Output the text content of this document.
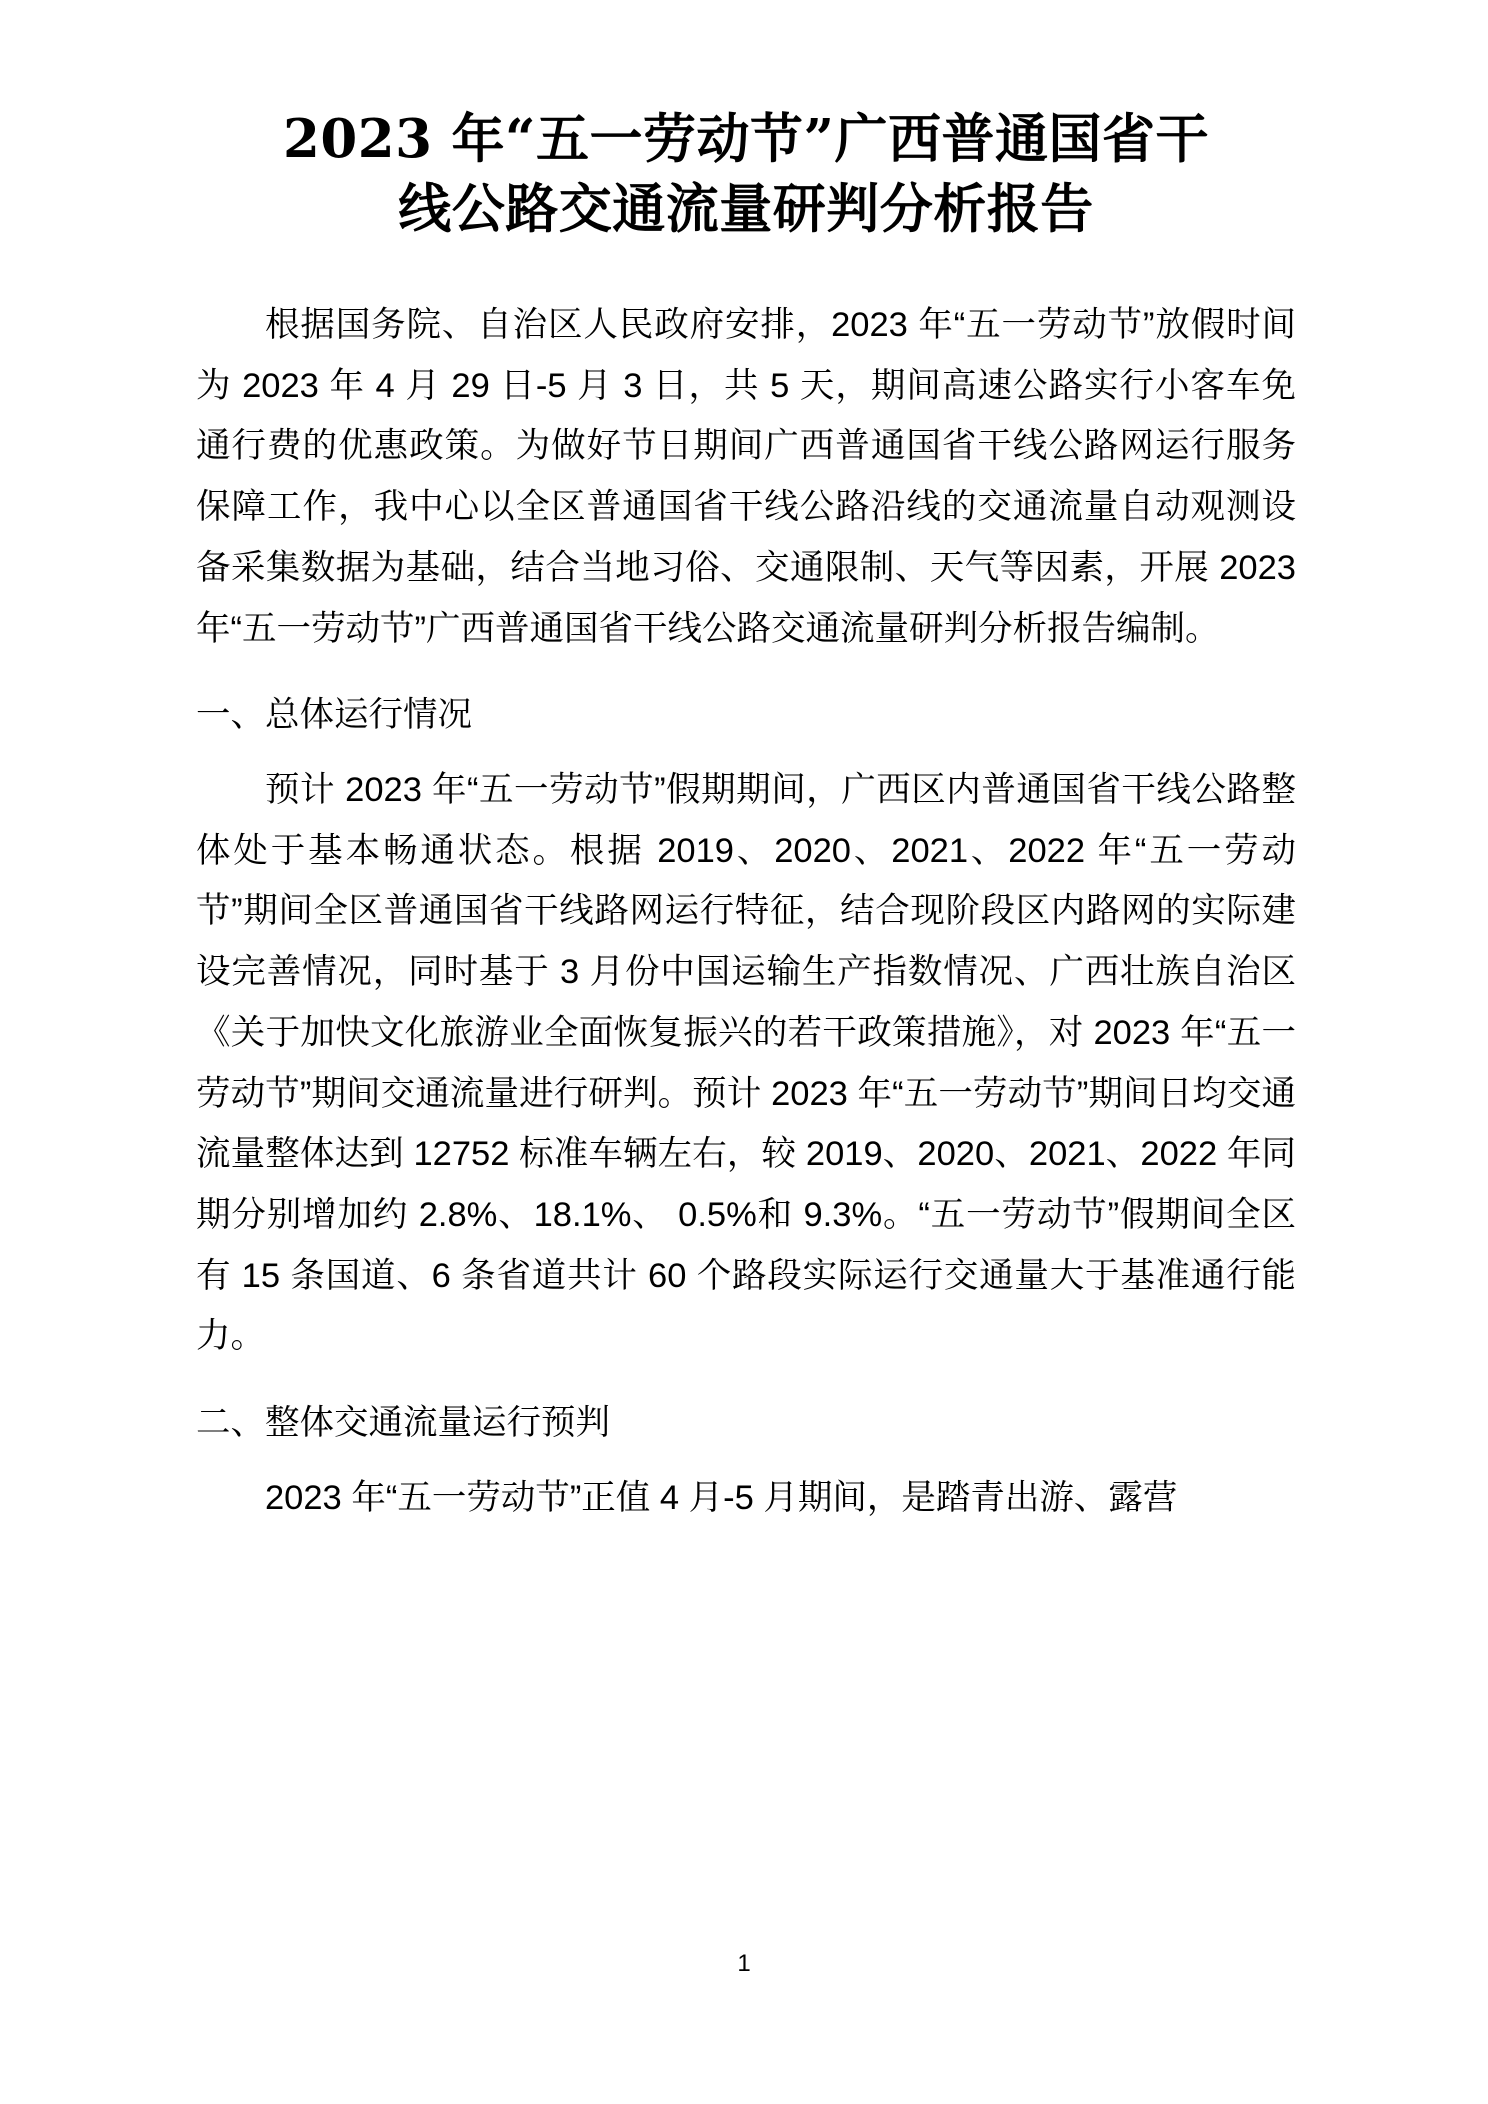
2023 年“五一劳动节”广西普通国省干
线公路交通流量研判分析报告

根据国务院、自治区人民政府安排，2023 年“五一劳动节”放假时间为 2023 年 4 月 29 日-5 月 3 日，共 5 天，期间高速公路实行小客车免通行费的优惠政策。为做好节日期间广西普通国省干线公路网运行服务保障工作，我中心以全区普通国省干线公路沿线的交通流量自动观测设备采集数据为基础，结合当地习俗、交通限制、天气等因素，开展 2023 年“五一劳动节”广西普通国省干线公路交通流量研判分析报告编制。

一、总体运行情况

预计 2023 年“五一劳动节”假期期间，广西区内普通国省干线公路整体处于基本畅通状态。根据 2019、2020、2021、2022 年“五一劳动节”期间全区普通国省干线路网运行特征，结合现阶段区内路网的实际建设完善情况，同时基于 3 月份中国运输生产指数情况、广西壮族自治区《关于加快文化旅游业全面恢复振兴的若干政策措施》，对 2023 年“五一劳动节”期间交通流量进行研判。预计 2023 年“五一劳动节”期间日均交通流量整体达到 12752 标准车辆左右，较 2019、2020、2021、2022 年同期分别增加约 2.8%、18.1%、 0.5%和 9.3%。“五一劳动节”假期间全区有 15 条国道、6 条省道共计 60 个路段实际运行交通量大于基准通行能力。

二、整体交通流量运行预判

2023 年“五一劳动节”正值 4 月-5 月期间，是踏青出游、露营

1
